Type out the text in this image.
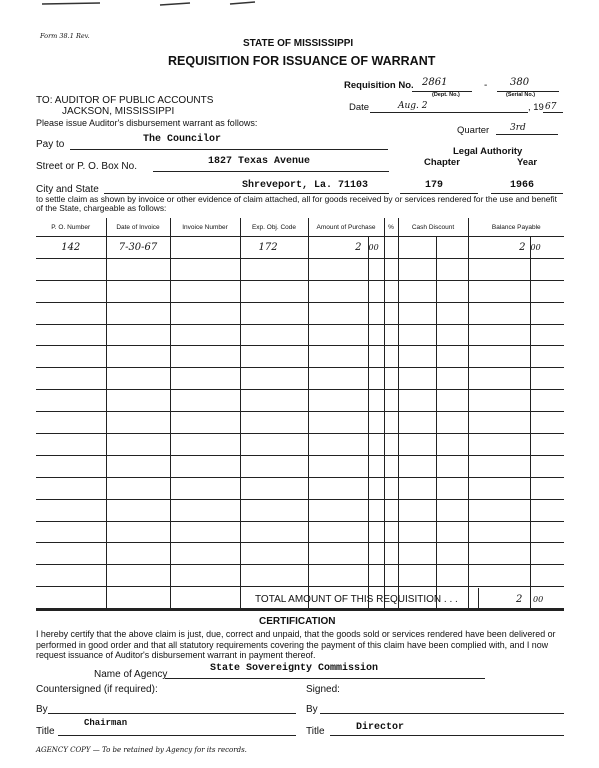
Form 38.1 Rev.
STATE OF MISSISSIPPI
REQUISITION FOR ISSUANCE OF WARRANT
Requisition No. 2861	- 380
(Dept. No.)	(Serial No.)
TO: AUDITOR OF PUBLIC ACCOUNTS
JACKSON, MISSISSIPPI
Please issue Auditor's disbursement warrant as follows:
Date	Aug. 2	, 19 67
Quarter 3rd
Pay to	The Councilor
Legal Authority
Chapter	Year
Street or P. O. Box No.	1827 Texas Avenue
City and State	Shreveport, La. 71103	179	1966
to settle claim as shown by invoice or other evidence of claim attached, all for goods received by or services rendered for the use and benefit of the State, chargeable as follows:
P. O. Number	Date of Invoice	Invoice Number	Exp. Obj. Code	Amount of Purchase		%	Cash Discount		Balance Payable	
142	7-30-67		172	2	00				2	00

TOTAL AMOUNT OF THIS REQUISITION . . .	2 00
CERTIFICATION
I hereby certify that the above claim is just, due, correct and unpaid, that the goods sold or services rendered have been delivered or performed in good order and that all statutory requirements covering the payment of this claim have been complied with, and I now request issuance of Auditor's disbursement warrant in payment thereof.
Name of Agency
State Sovereignty Commission
Countersigned (if required):	Signed:
By	By
Title
Chairman
Title	Director
AGENCY COPY — To be retained by Agency for its records.
